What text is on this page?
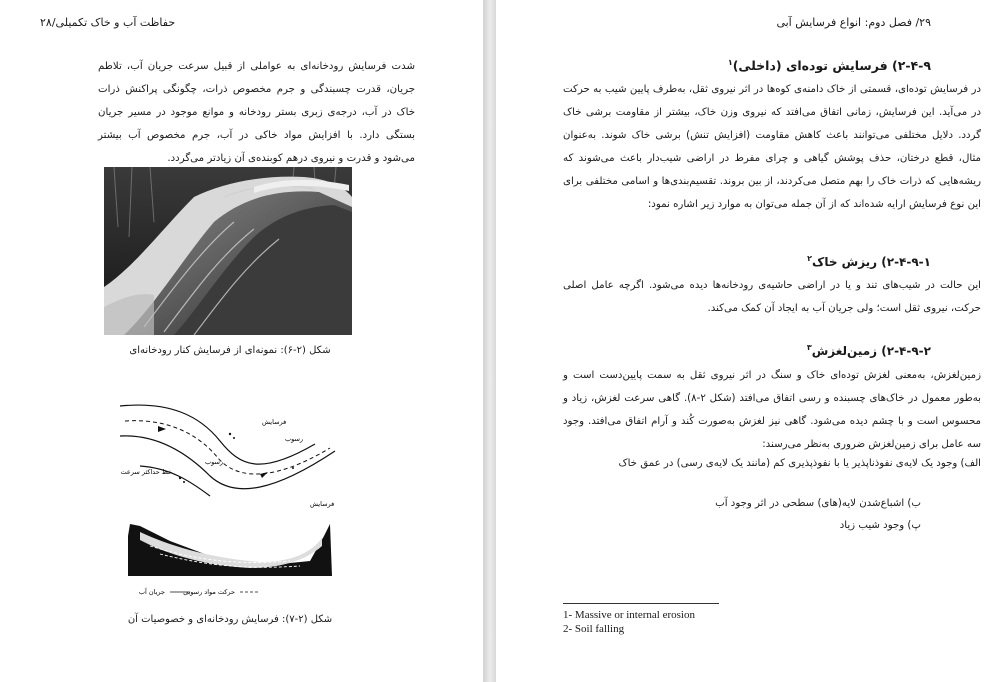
حفاظت آب و خاک تکمیلی/۲۸

شدت فرسایش رودخانه‌ای به عواملی از قبیل سرعت جریان آب، تلاطم جریان، قدرت چسبندگی و جرم مخصوص ذرات، چگونگی پراکنش ذرات خاک در آب، درجه‌ی زبری بستر رودخانه و موانع موجود در مسیر جریان بستگی دارد. با افزایش مواد خاکی در آب، جرم مخصوص آب بیشتر می‌شود و قدرت و نیروی درهم کوبنده‌ی آن زیادتر می‌گردد.

شکل (۲-۶): نمونه‌ای از فرسایش کنار رودخانه‌ای
فرسایش
رسوب
رسوب
خط حداکثر سرعت
فرسایش
حرکت مواد رسوبی
جریان آب
شکل (۲-۷): فرسایش رودخانه‌ای و خصوصیات آن
۲۹/ فصل دوم: انواع فرسایش آبی
۲-۴-۹) فرسایش توده‌ای (داخلی)$^۱$

در فرسایش توده‌ای، قسمتی از خاک دامنه‌ی کوه‌ها در اثر نیروی ثقل، به‌طرف پایین شیب به حرکت در می‌آید. این فرسایش، زمانی اتفاق می‌افتد که نیروی وزن خاک، بیشتر از مقاومت برشی خاک گردد. دلایل مختلفی می‌توانند باعث کاهش مقاومت (افزایش تنش) برشی خاک شوند. به‌عنوان مثال، قطع درختان، حذف پوشش گیاهی و چرای مفرط در اراضی شیب‌دار باعث می‌شوند که ریشه‌هایی که ذرات خاک را بهم متصل می‌کردند، از بین بروند. تقسیم‌بندی‌ها و اسامی مختلفی برای این نوع فرسایش ارایه شده‌اند که از آن جمله می‌توان به موارد زیر اشاره نمود:

۲-۴-۹-۱) ریزش خاک$^۲$

این حالت در شیب‌های تند و یا در اراضی حاشیه‌ی رودخانه‌ها دیده می‌شود. اگرچه عامل اصلی حرکت، نیروی ثقل است؛ ولی جریان آب به ایجاد آن کمک می‌کند.

۲-۴-۹-۲) زمین‌لغزش$^۳$

زمین‌لغزش، به‌معنی لغزش توده‌ای خاک و سنگ در اثر نیروی ثقل به سمت پایین‌دست است و به‌طور معمول در خاک‌های چسبنده و رسی اتفاق می‌افتد (شکل ۲-۸). گاهی سرعت لغزش، زیاد و محسوس است و با چشم دیده می‌شود. گاهی نیز لغزش به‌صورت کُند و آرام اتفاق می‌افتد. وجود سه عامل برای زمین‌لغزش ضروری به‌نظر می‌رسند:

الف) وجود یک لایه‌ی نفوذناپذیر یا با نفوذپذیری کم (مانند یک لایه‌ی رسی) در عمق خاک

ب) اشباع‌شدن لایه(های) سطحی در اثر وجود آب

پ) وجود شیب زیاد

1- Massive or internal erosion
2- Soil falling
